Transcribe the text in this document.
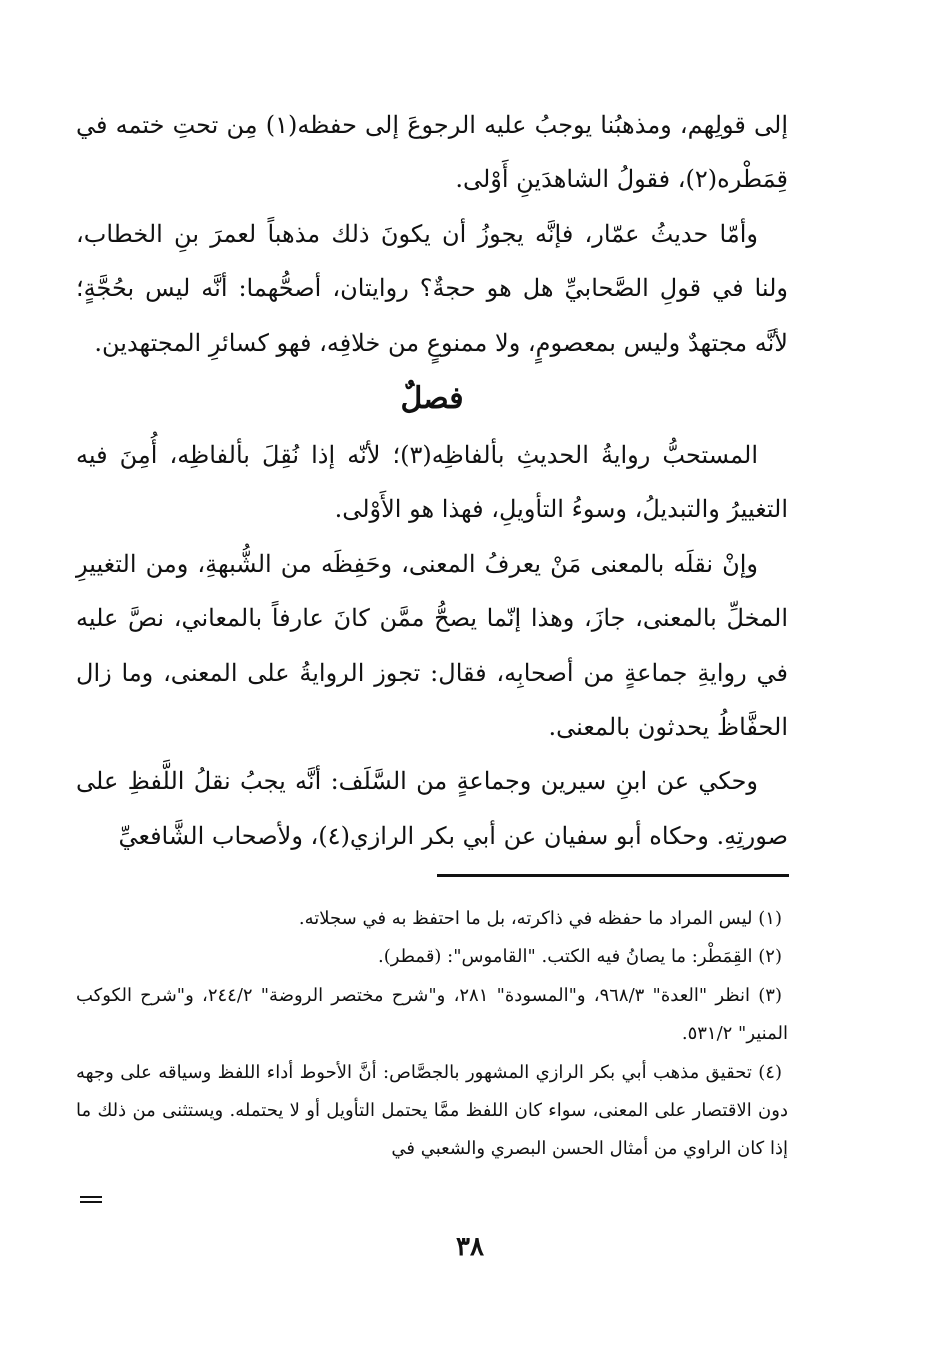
إلى قولِهم، ومذهبُنا يوجبُ عليه الرجوعَ إلى حفظه(١) مِن تحتِ ختمه في قِمَطْره(٢)، فقولُ الشاهدَينِ أَوْلى.

وأمّا حديثُ عمّار، فإنَّه يجوزُ أن يكونَ ذلك مذهباً لعمرَ بنِ الخطاب، ولنا في قولِ الصَّحابيِّ هل هو حجةٌ؟ روايتان، أصحُّهما: أنَّه ليس بحُجَّةٍ؛ لأنَّه مجتهدٌ وليس بمعصومٍ، ولا ممنوعٍ من خلافِه، فهو كسائرِ المجتهدين.

فصلٌ

المستحبُّ روايةُ الحديثِ بألفاظِه(٣)؛ لأنّه إذا نُقِلَ بألفاظِه، أُمِنَ فيه التغييرُ والتبديلُ، وسوءُ التأويلِ، فهذا هو الأَوْلى.

وإنْ نقلَه بالمعنى مَنْ يعرفُ المعنى، وحَفِظَه من الشُّبهةِ، ومن التغييرِ المخلِّ بالمعنى، جازَ، وهذا إنّما يصحُّ ممَّن كانَ عارفاً بالمعاني، نصَّ عليه في روايةِ جماعةٍ من أصحابِه، فقال: تجوز الروايةُ على المعنى، وما زال الحفَّاظُ يحدثون بالمعنى.

وحكي عن ابنِ سيرين وجماعةٍ من السَّلَف: أنَّه يجبُ نقلُ اللَّفظِ على صورتِهِ. وحكاه أبو سفيان عن أبي بكر الرازي(٤)، ولأصحاب الشَّافعيِّ

(١) ليس المراد ما حفظه في ذاكرته، بل ما احتفظ به في سجلاته.

(٢) القِمَطْر: ما يصانُ فيه الكتب. "القاموس": (قمطر).

(٣) انظر "العدة" ٩٦٨/٣، و"المسودة" ٢٨١، و"شرح مختصر الروضة" ٢٤٤/٢، و"شرح الكوكب المنير" ٥٣١/٢.

(٤) تحقيق مذهب أبي بكر الرازي المشهور بالجصَّاص: أنَّ الأحوط أداء اللفظ وسياقه على وجهه دون الاقتصار على المعنى، سواء كان اللفظ ممَّا يحتمل التأويل أو لا يحتمله. ويستثنى من ذلك ما إذا كان الراوي من أمثال الحسن البصري والشعبي في

٣٨
